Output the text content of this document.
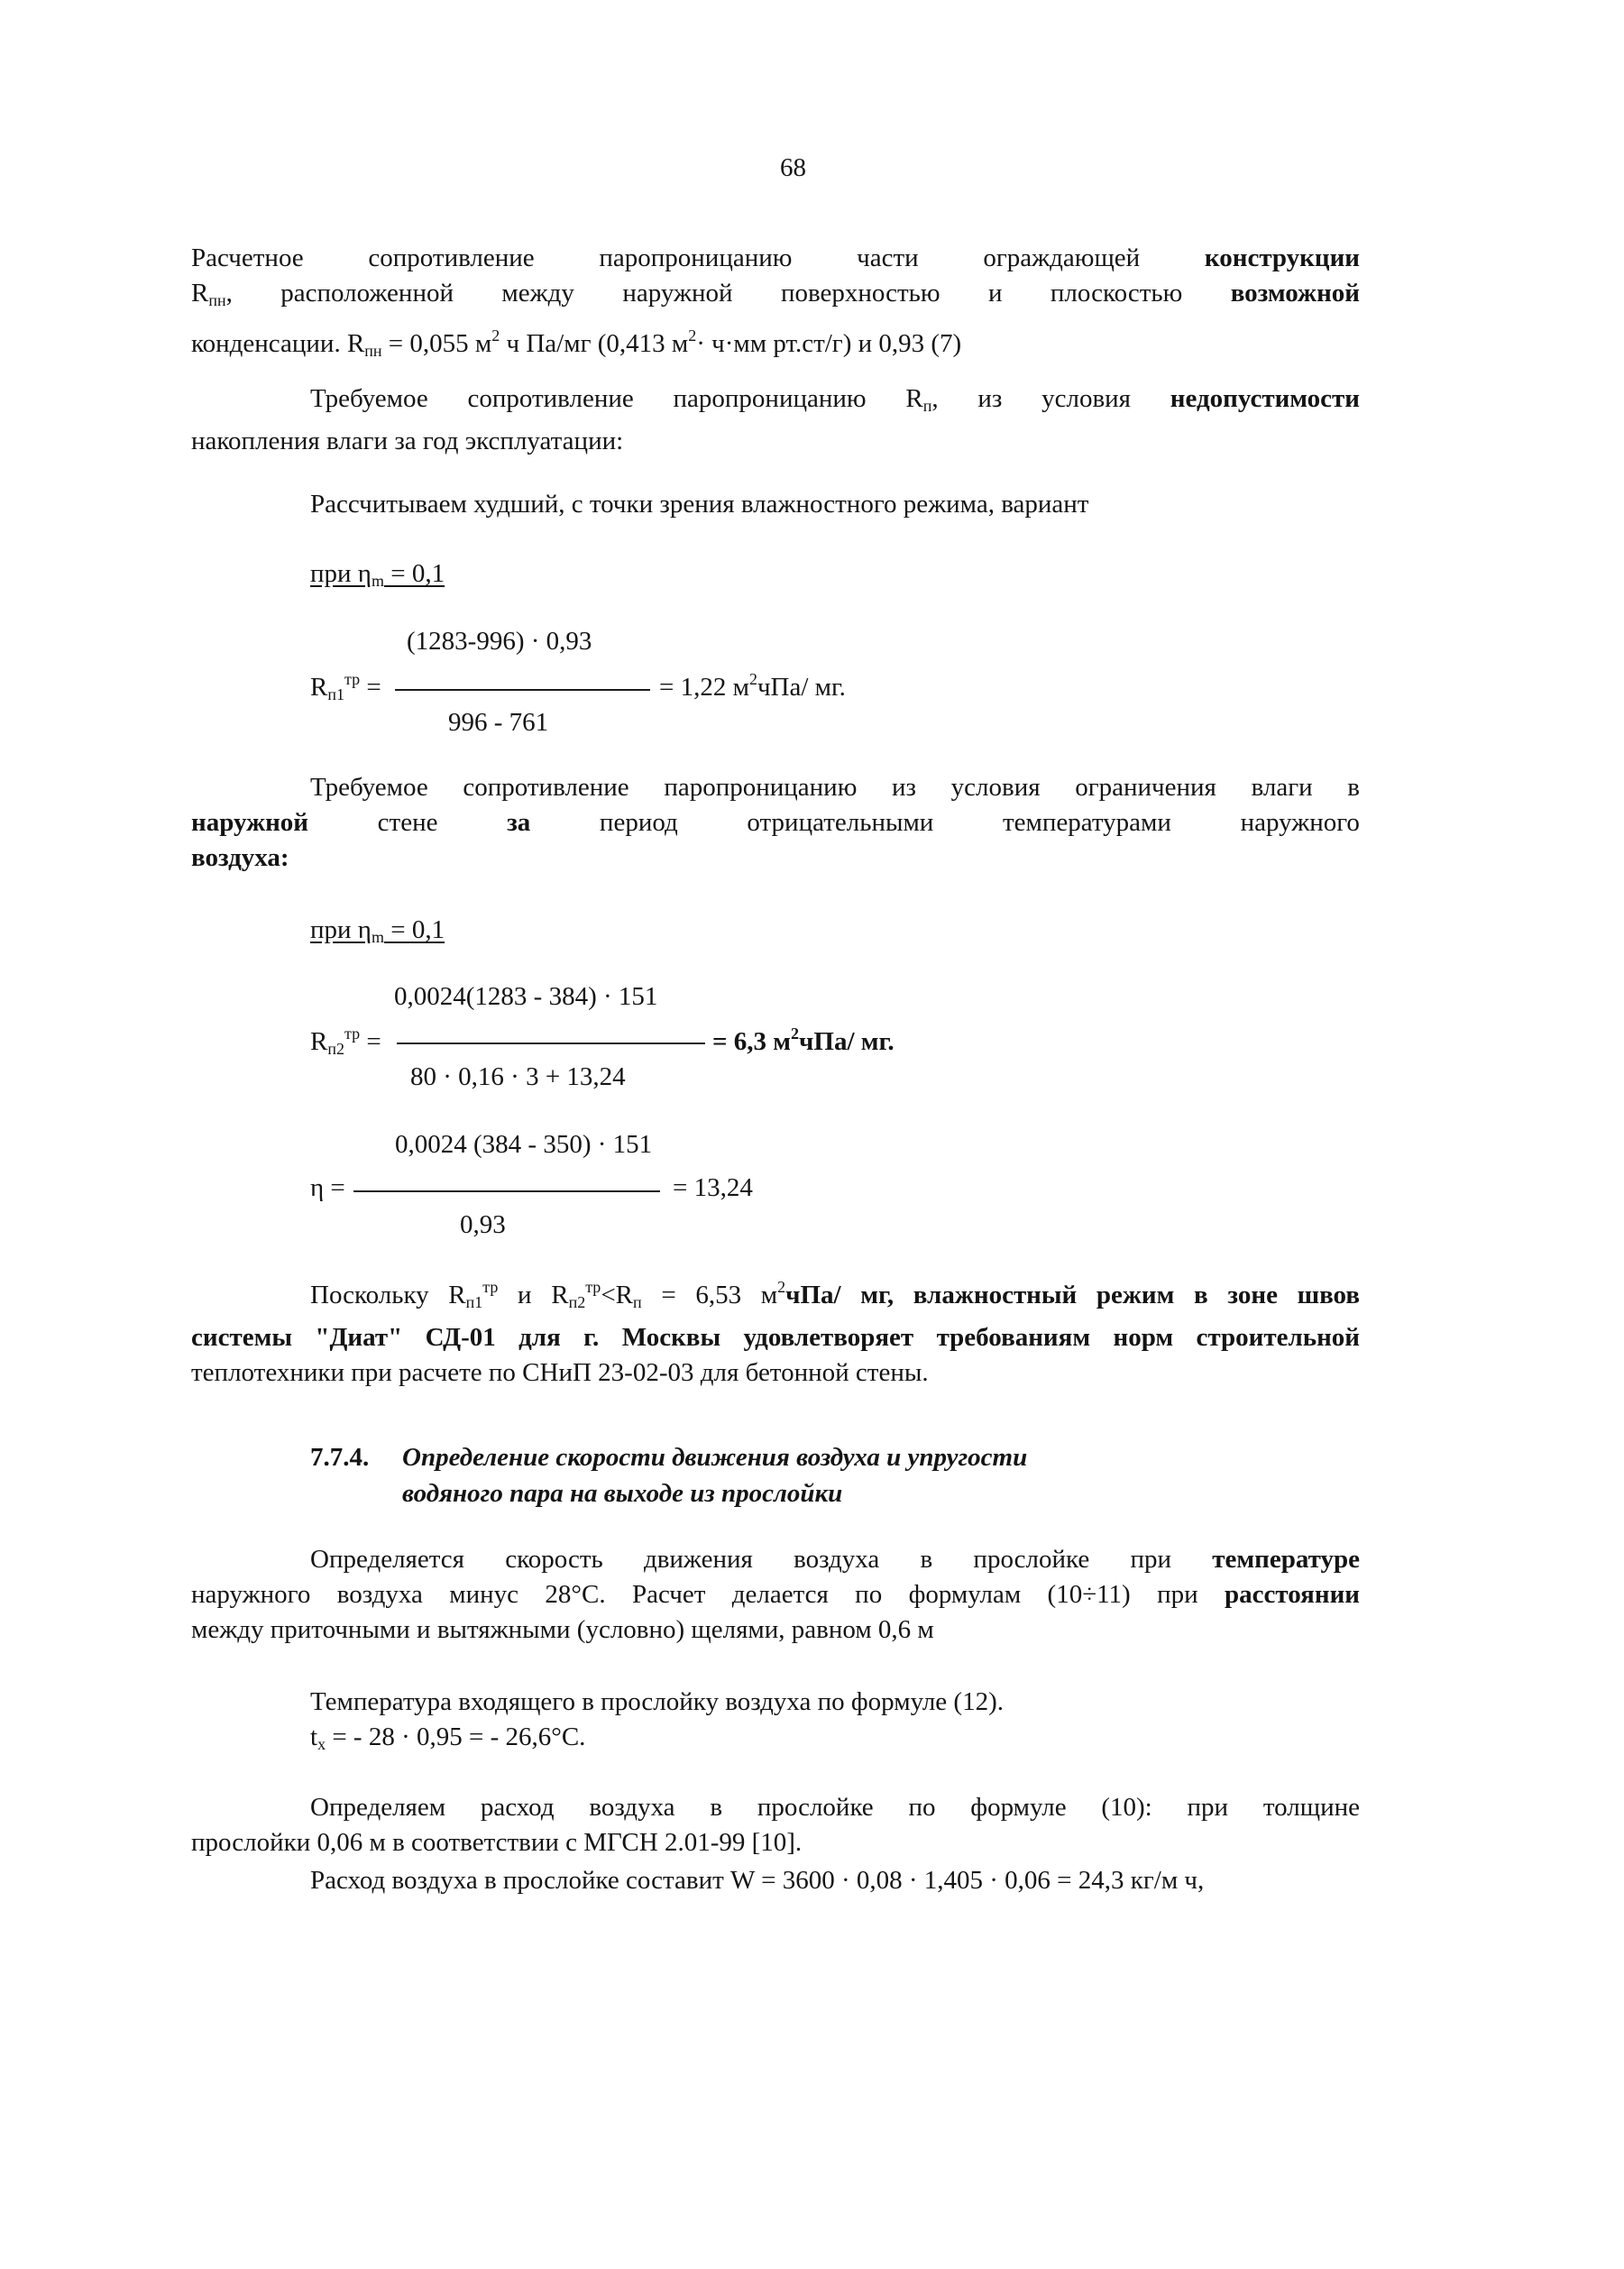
68
Расчетное сопротивление паропроницанию части ограждающей конструкции
$R_{пн}$, расположенной между наружной поверхностью и плоскостью возможной
конденсации. $R_{пн} = 0,055$ $м^2$ ч Па/мг (0,413 $м^2\cdot ч\cdot мм$ рт.ст/г) и 0,93 (7)
Требуемое сопротивление паропроницанию $R_п$, из условия недопустимости
накопления влаги за год эксплуатации:
Рассчитываем худший, с точки зрения влажностного режима, вариант
при $\eta_m = 0,1$
(1283-996) · 0,93
$R_{п1}^{тр}$ =	= 1,22 $м^2чПа/$ мг.
996 - 761
Требуемое сопротивление паропроницанию из условия ограничения влаги в
наружной	стене	за	период	отрицательными	температурами	наружного
воздуха:
при $\eta_m = 0,1$
0,0024(1283 - 384) · 151
$R_{п2}^{тр}$ =	= 6,3 $м^2чПа/$ мг.
80 · 0,16 · 3 + 13,24
0,0024 (384 - 350) · 151
η =	= 13,24
0,93
Поскольку $R_{п1}^{тр}$ и $R_{п2}^{тр}<R_п = 6,53$ $м^2чПа/$ мг, влажностный режим в зоне швов
системы "Диат" СД-01 для г. Москвы удовлетворяет требованиям норм строительной
теплотехники при расчете по СНиП 23-02-03 для бетонной стены.
7.7.4. Определение скорости движения воздуха и упругости
водяного пара на выходе из прослойки
Определяется скорость движения воздуха в прослойке при температуре
наружного воздуха минус 28°С. Расчет делается по формулам (10÷11) при расстоянии
между приточными и вытяжными (условно) щелями, равном 0,6 м
Температура входящего в прослойку воздуха по формуле (12).
$t_x$ = - 28 · 0,95 = - 26,6°С.
Определяем расход воздуха в прослойке по формуле (10): при толщине
прослойки 0,06 м в соответствии с МГСН 2.01-99 [10].
Расход воздуха в прослойке составит W = 3600 · 0,08 · 1,405 · 0,06 = 24,3 кг/м ч,
